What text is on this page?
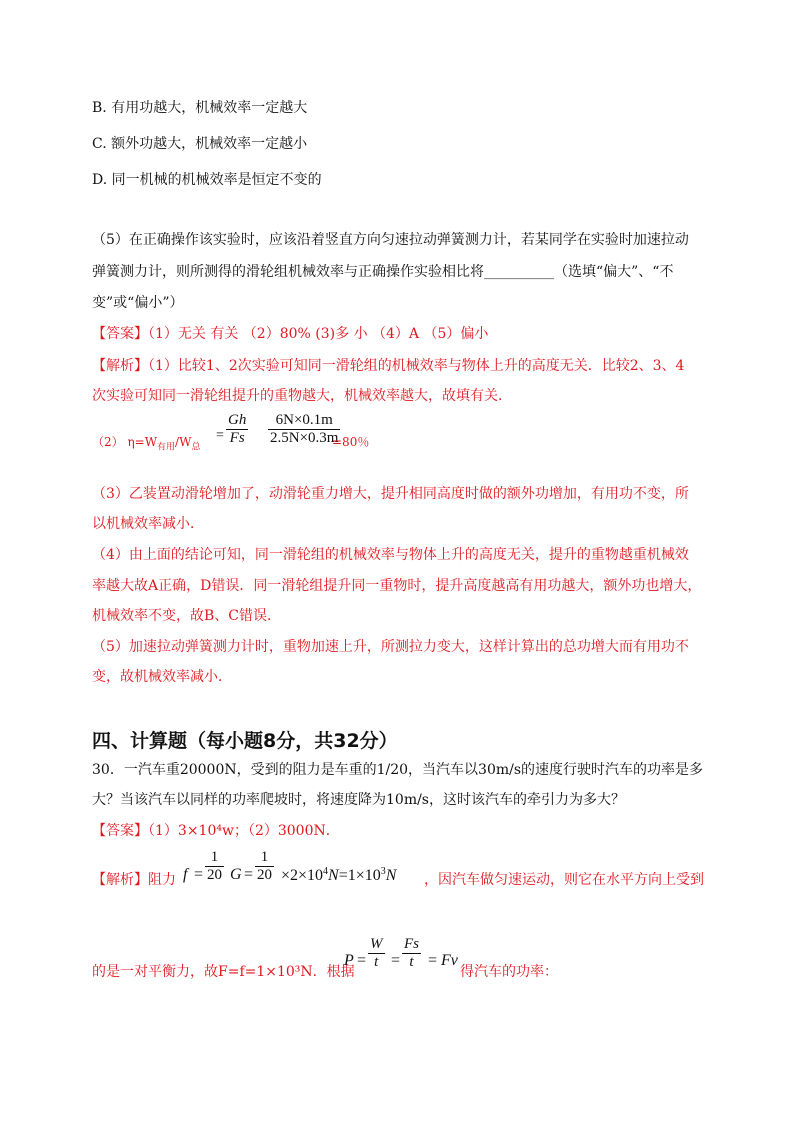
B. 有用功越大，机械效率一定越大
C. 额外功越大，机械效率一定越小
D. 同一机械的机械效率是恒定不变的
（5）在正确操作该实验时，应该沿着竖直方向匀速拉动弹簧测力计，若某同学在实验时加速拉动
弹簧测力计，则所测得的滑轮组机械效率与正确操作实验相比将__________（选填“偏大”、“不
变”或“偏小”）
【答案】（1）无关 有关 （2）80% (3)多 小 （4）A （5）偏小
【解析】（1）比较1、2次实验可知同一滑轮组的机械效率与物体上升的高度无关．比较2、3、4
次实验可知同一滑轮组提升的重物越大，机械效率越大，故填有关．
（2） $\eta=W_{有用}/W_总$
= $\frac{Gh}{Fs} \frac{6N\times 0.1m}{2.5N\times 0.3m}$
=80％
（3）乙装置动滑轮增加了，动滑轮重力增大，提升相同高度时做的额外功增加，有用功不变，所
以机械效率减小．
（4）由上面的结论可知，同一滑轮组的机械效率与物体上升的高度无关，提升的重物越重机械效
率越大故A正确，D错误．同一滑轮组提升同一重物时，提升高度越高有用功越大，额外功也增大，
机械效率不变，故B、C错误．
（5）加速拉动弹簧测力计时，重物加速上升，所测拉力变大，这样计算出的总功增大而有用功不
变，故机械效率减小．
四、计算题（每小题8分，共32分）
30．一汽车重20000N，受到的阻力是车重的1/20，当汽车以30m/s的速度行驶时汽车的功率是多
大？当该汽车以同样的功率爬坡时，将速度降为10m/s，这时该汽车的牵引力为多大？
【答案】（1）3×10⁴w；（2）3000N．
【解析】阻力 $f = \frac{1}{20}$ $G = \frac{1}{20} \times 2\times 10^4N=1\times 10^3N$ ，因汽车做匀速运动，则它在水平方向上受到
的是一对平衡力，故F=f=1×10³N．根据
$P = \frac{W}{t} = \frac{Fs}{t} = Fv$
得汽车的功率：
